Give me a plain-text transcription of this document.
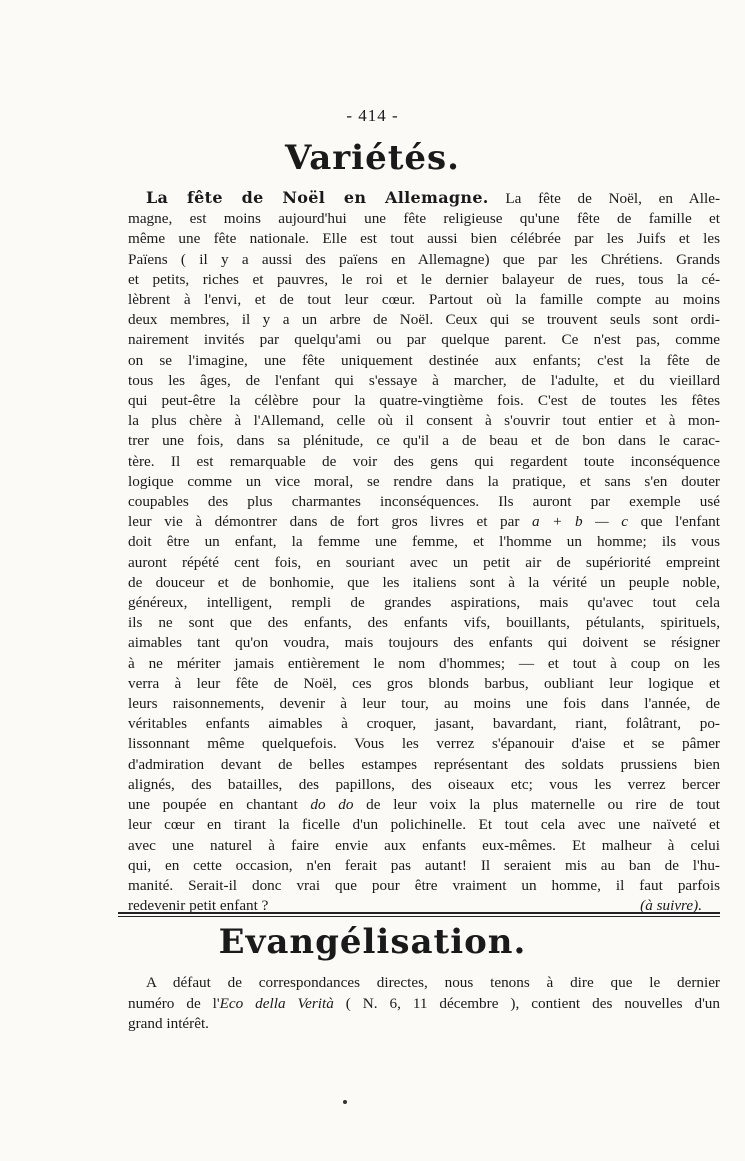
- 414 -
Variétés.
La fête de Noël en Allemagne. La fête de Noël, en Alle-
magne, est moins aujourd'hui une fête religieuse qu'une fête de famille et
même une fête nationale. Elle est tout aussi bien célébrée par les Juifs et les
Païens ( il y a aussi des païens en Allemagne) que par les Chrétiens. Grands
et petits, riches et pauvres, le roi et le dernier balayeur de rues, tous la cé-
lèbrent à l'envi, et de tout leur cœur. Partout où la famille compte au moins
deux membres, il y a un arbre de Noël. Ceux qui se trouvent seuls sont ordi-
nairement invités par quelqu'ami ou par quelque parent. Ce n'est pas, comme
on se l'imagine, une fête uniquement destinée aux enfants; c'est la fête de
tous les âges, de l'enfant qui s'essaye à marcher, de l'adulte, et du vieillard
qui peut-être la célèbre pour la quatre-vingtième fois. C'est de toutes les fêtes
la plus chère à l'Allemand, celle où il consent à s'ouvrir tout entier et à mon-
trer une fois, dans sa plénitude, ce qu'il a de beau et de bon dans le carac-
tère. Il est remarquable de voir des gens qui regardent toute inconséquence
logique comme un vice moral, se rendre dans la pratique, et sans s'en douter
coupables des plus charmantes inconséquences. Ils auront par exemple usé
leur vie à démontrer dans de fort gros livres et par a + b — c que l'enfant
doit être un enfant, la femme une femme, et l'homme un homme; ils vous
auront répété cent fois, en souriant avec un petit air de supériorité empreint
de douceur et de bonhomie, que les italiens sont à la vérité un peuple noble,
généreux, intelligent, rempli de grandes aspirations, mais qu'avec tout cela
ils ne sont que des enfants, des enfants vifs, bouillants, pétulants, spirituels,
aimables tant qu'on voudra, mais toujours des enfants qui doivent se résigner
à ne mériter jamais entièrement le nom d'hommes; — et tout à coup on les
verra à leur fête de Noël, ces gros blonds barbus, oubliant leur logique et
leurs raisonnements, devenir à leur tour, au moins une fois dans l'année, de
véritables enfants aimables à croquer, jasant, bavardant, riant, folâtrant, po-
lissonnant même quelquefois. Vous les verrez s'épanouir d'aise et se pâmer
d'admiration devant de belles estampes représentant des soldats prussiens bien
alignés, des batailles, des papillons, des oiseaux etc; vous les verrez bercer
une poupée en chantant do do de leur voix la plus maternelle ou rire de tout
leur cœur en tirant la ficelle d'un polichinelle. Et tout cela avec une naïveté et
avec une naturel à faire envie aux enfants eux-mêmes. Et malheur à celui
qui, en cette occasion, n'en ferait pas autant! Il seraient mis au ban de l'hu-
manité. Serait-il donc vrai que pour être vraiment un homme, il faut parfois
redevenir petit enfant ?	(à suivre).
Evangélisation.
A défaut de correspondances directes, nous tenons à dire que le dernier
numéro de l'Eco della Verità ( N. 6, 11 décembre ), contient des nouvelles d'un
grand intérêt.
